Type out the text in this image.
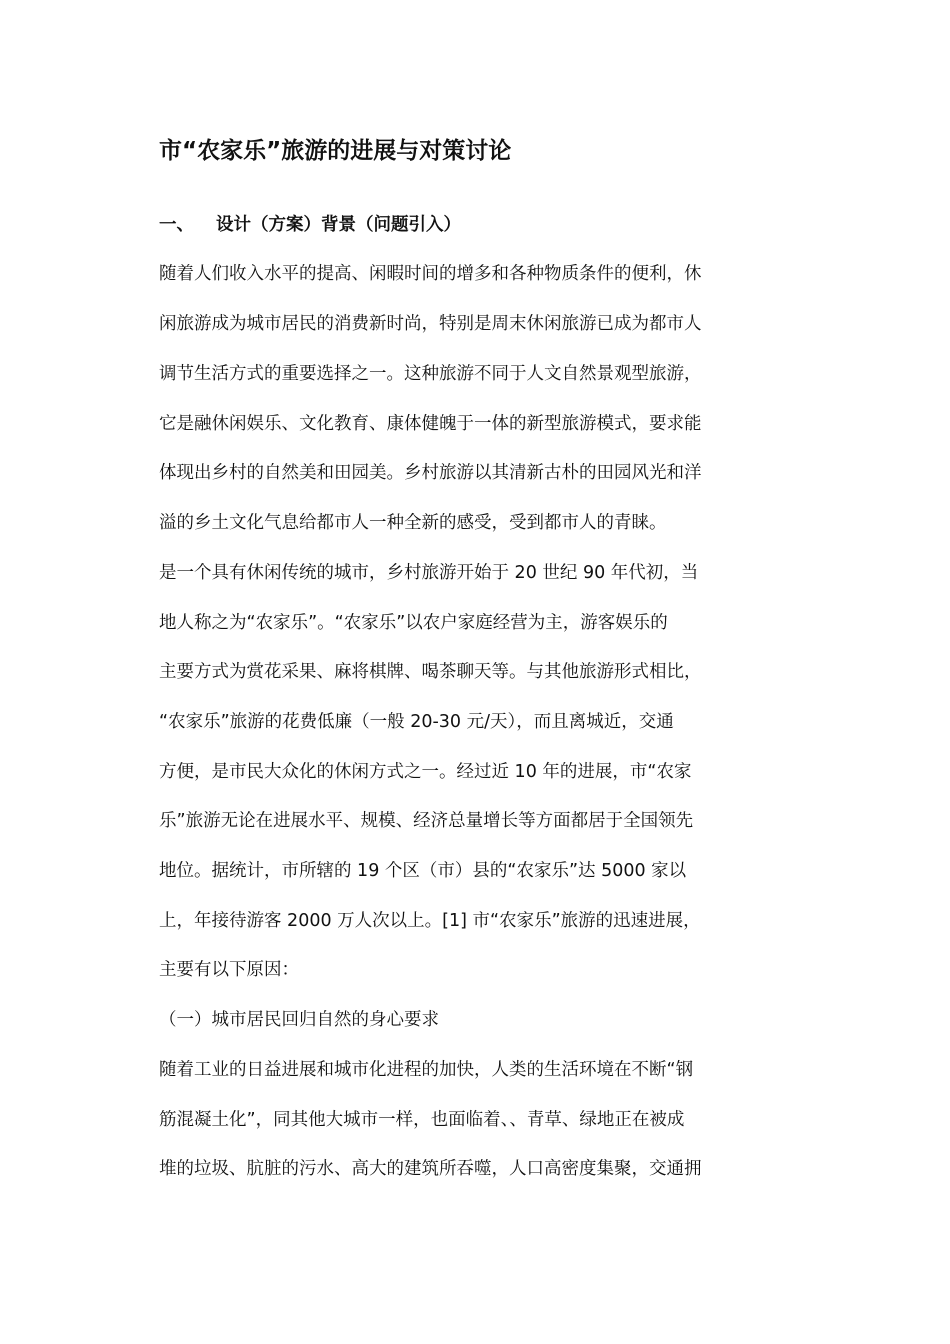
市“农家乐”旅游的进展与对策讨论
一、 设计（方案）背景（问题引入）
随着人们收入水平的提高、闲暇时间的增多和各种物质条件的便利，休
闲旅游成为城市居民的消费新时尚，特别是周末休闲旅游已成为都市人
调节生活方式的重要选择之一。这种旅游不同于人文自然景观型旅游，
它是融休闲娱乐、文化教育、康体健魄于一体的新型旅游模式，要求能
体现出乡村的自然美和田园美。乡村旅游以其清新古朴的田园风光和洋
溢的乡土文化气息给都市人一种全新的感受，受到都市人的青睐。
是一个具有休闲传统的城市，乡村旅游开始于 20 世纪 90 年代初，当
地人称之为“农家乐”。“农家乐”以农户家庭经营为主，游客娱乐的
主要方式为赏花采果、麻将棋牌、喝茶聊天等。与其他旅游形式相比，
“农家乐”旅游的花费低廉（一般 20-30 元/天），而且离城近，交通
方便，是市民大众化的休闲方式之一。经过近 10 年的进展，市“农家
乐”旅游无论在进展水平、规模、经济总量增长等方面都居于全国领先
地位。据统计，市所辖的 19 个区（市）县的“农家乐”达 5000 家以
上，年接待游客 2000 万人次以上。[1] 市“农家乐”旅游的迅速进展，
主要有以下原因：
（一）城市居民回归自然的身心要求
随着工业的日益进展和城市化进程的加快，人类的生活环境在不断“钢
筋混凝土化”，同其他大城市一样，也面临着、、青草、绿地正在被成
堆的垃圾、肮脏的污水、高大的建筑所吞噬，人口高密度集聚，交通拥
